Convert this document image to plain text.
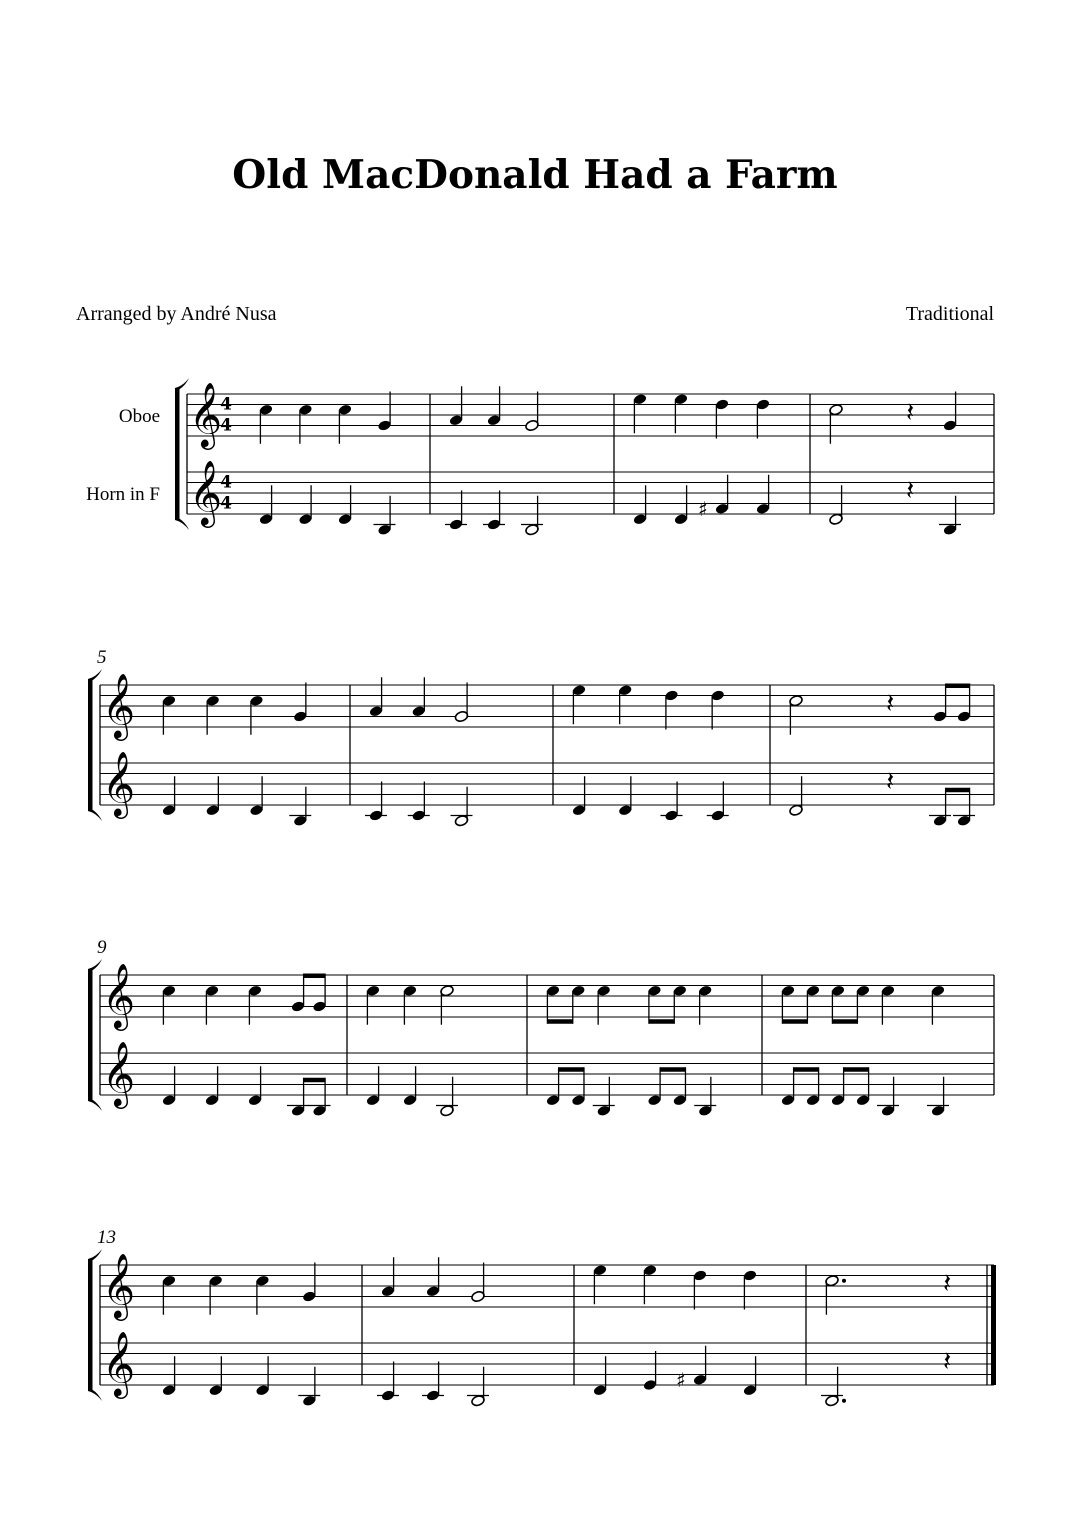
Old MacDonald Had a Farm
Arranged by André Nusa	Traditional
𝄞
4
4
𝄞
4
4
Oboe
Horn in F
𝄽
♯
𝄽
𝄞
𝄞
5
𝄽
𝄽
𝄞
𝄞
9
𝄞
𝄞
13
𝄽
♯
𝄽
